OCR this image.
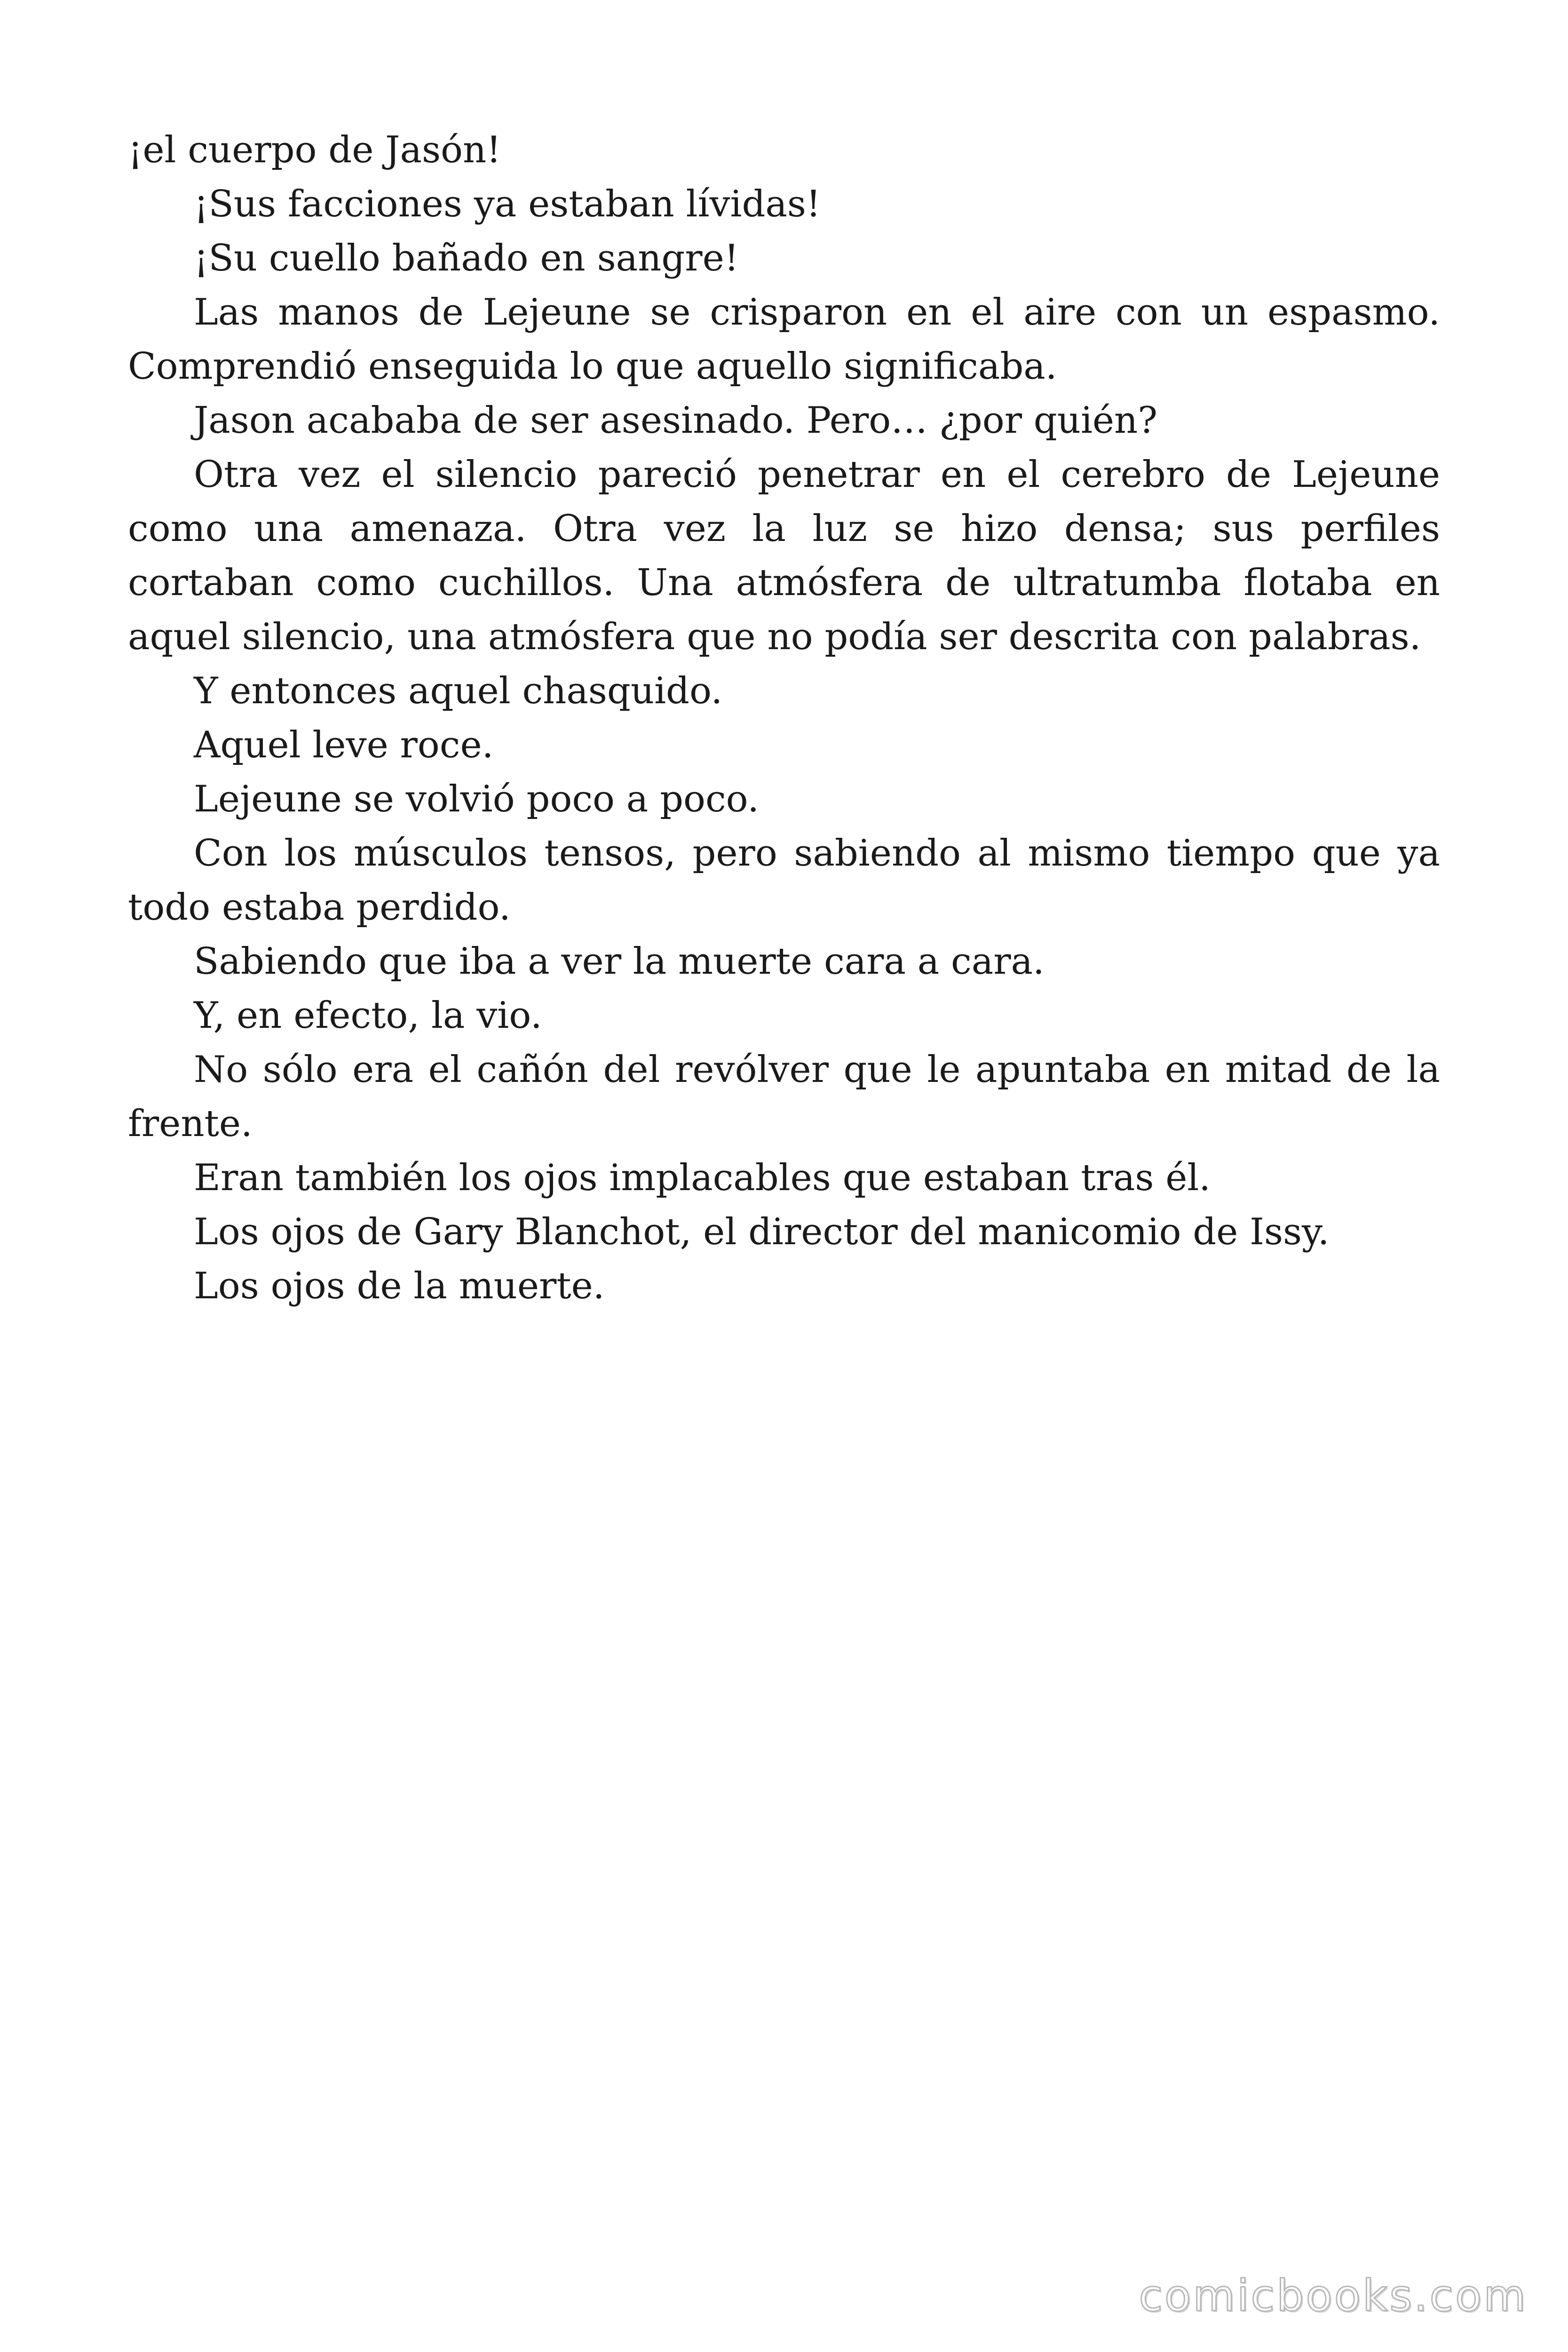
¡el cuerpo de Jasón!

¡Sus facciones ya estaban lívidas!

¡Su cuello bañado en sangre!

Las manos de Lejeune se crisparon en el aire con un espasmo. Comprendió enseguida lo que aquello significaba.

Jason acababa de ser asesinado. Pero… ¿por quién?

Otra vez el silencio pareció penetrar en el cerebro de Lejeune como una amenaza. Otra vez la luz se hizo densa; sus perfiles cortaban como cuchillos. Una atmósfera de ultratumba flotaba en aquel silencio, una atmósfera que no podía ser descrita con palabras.

Y entonces aquel chasquido.

Aquel leve roce.

Lejeune se volvió poco a poco.

Con los músculos tensos, pero sabiendo al mismo tiempo que ya todo estaba perdido.

Sabiendo que iba a ver la muerte cara a cara.

Y, en efecto, la vio.

No sólo era el cañón del revólver que le apuntaba en mitad de la frente.

Eran también los ojos implacables que estaban tras él.

Los ojos de Gary Blanchot, el director del manicomio de Issy.

Los ojos de la muerte.

comicbooks.com
